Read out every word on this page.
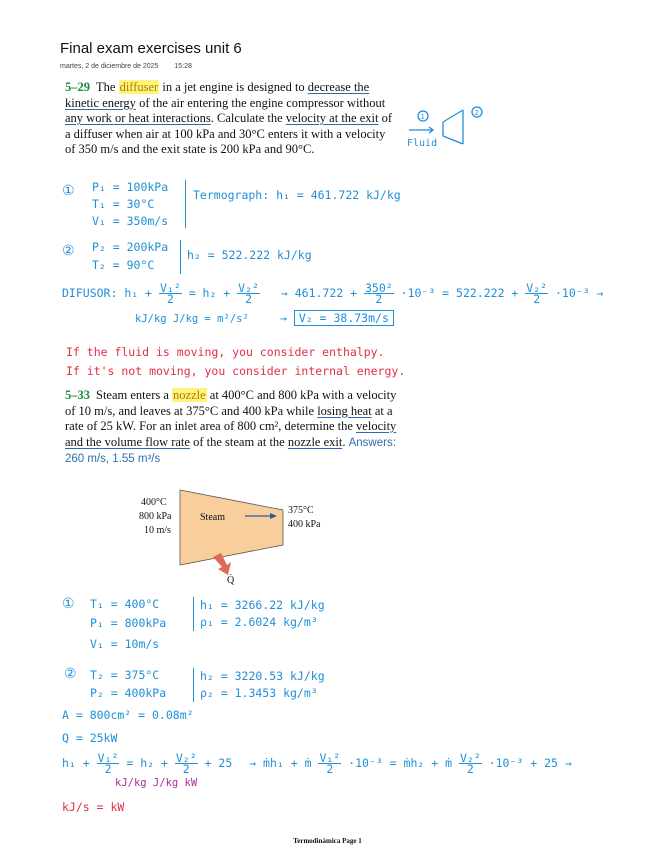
Final exam exercises unit 6
martes, 2 de diciembre de 2025 15:28
5–29 The diffuser in a jet engine is designed to decrease the kinetic energy of the air entering the engine compressor without any work or heat interactions. Calculate the velocity at the exit of a diffuser when air at 100 kPa and 30°C enters it with a velocity of 350 m/s and the exit state is 200 kPa and 90°C.
1	2
Fluid
① P₁ = 100kPa
T₁ = 30°C
V₁ = 350m/s
Termograph: h₁ = 461.722 kJ/kg
② P₂ = 200kPa
T₂ = 90°C
h₂ = 522.222 kJ/kg
DIFUSOR: $h_1 + \frac{\text{V₁²}}{2} = h_2 + \frac{\text{V₂²}}{2} \to 461.722 + \frac{\text{350²}}{2} \cdot 10^{-3} = 522.222 + \frac{\text{V₂²}}{2} \cdot 10^{-3}$ →
kJ/kg J/kg = m²/s²	→ V₂ = 38.73m/s
If the fluid is moving, you consider enthalpy.
If it's not moving, you consider internal energy.
5–33 Steam enters a nozzle at 400°C and 800 kPa with a velocity of 10 m/s, and leaves at 375°C and 400 kPa while losing heat at a rate of 25 kW. For an inlet area of 800 cm², determine the velocity and the volume flow rate of the steam at the nozzle exit. Answers: 260 m/s, 1.55 m³/s
400°C
800 kPa
10 m/s
Steam
375°C
400 kPa
Q̇
① T₁ = 400°C
P₁ = 800kPa
V₁ = 10m/s
h₁ = 3266.22 kJ/kg
ρ₁ = 2.6024 kg/m³
② T₂ = 375°C
P₂ = 400kPa
h₂ = 3220.53 kJ/kg
ρ₂ = 1.3453 kg/m³
A = 800cm² = 0.08m²
Q = 25kW
$h_1 + \frac{\text{V₁²}}{2} = h_2 + \frac{\text{V₂²}}{2} + 25$ → ṁh₁ + ṁ $\frac{\text{V₁²}}{2} \cdot 10^{-3}$ = ṁh₂ + ṁ $\frac{\text{V₂²}}{2} \cdot 10^{-3} + 25$ →
kJ/kg J/kg kW
kJ/s = kW
Termodinámica Page 1
